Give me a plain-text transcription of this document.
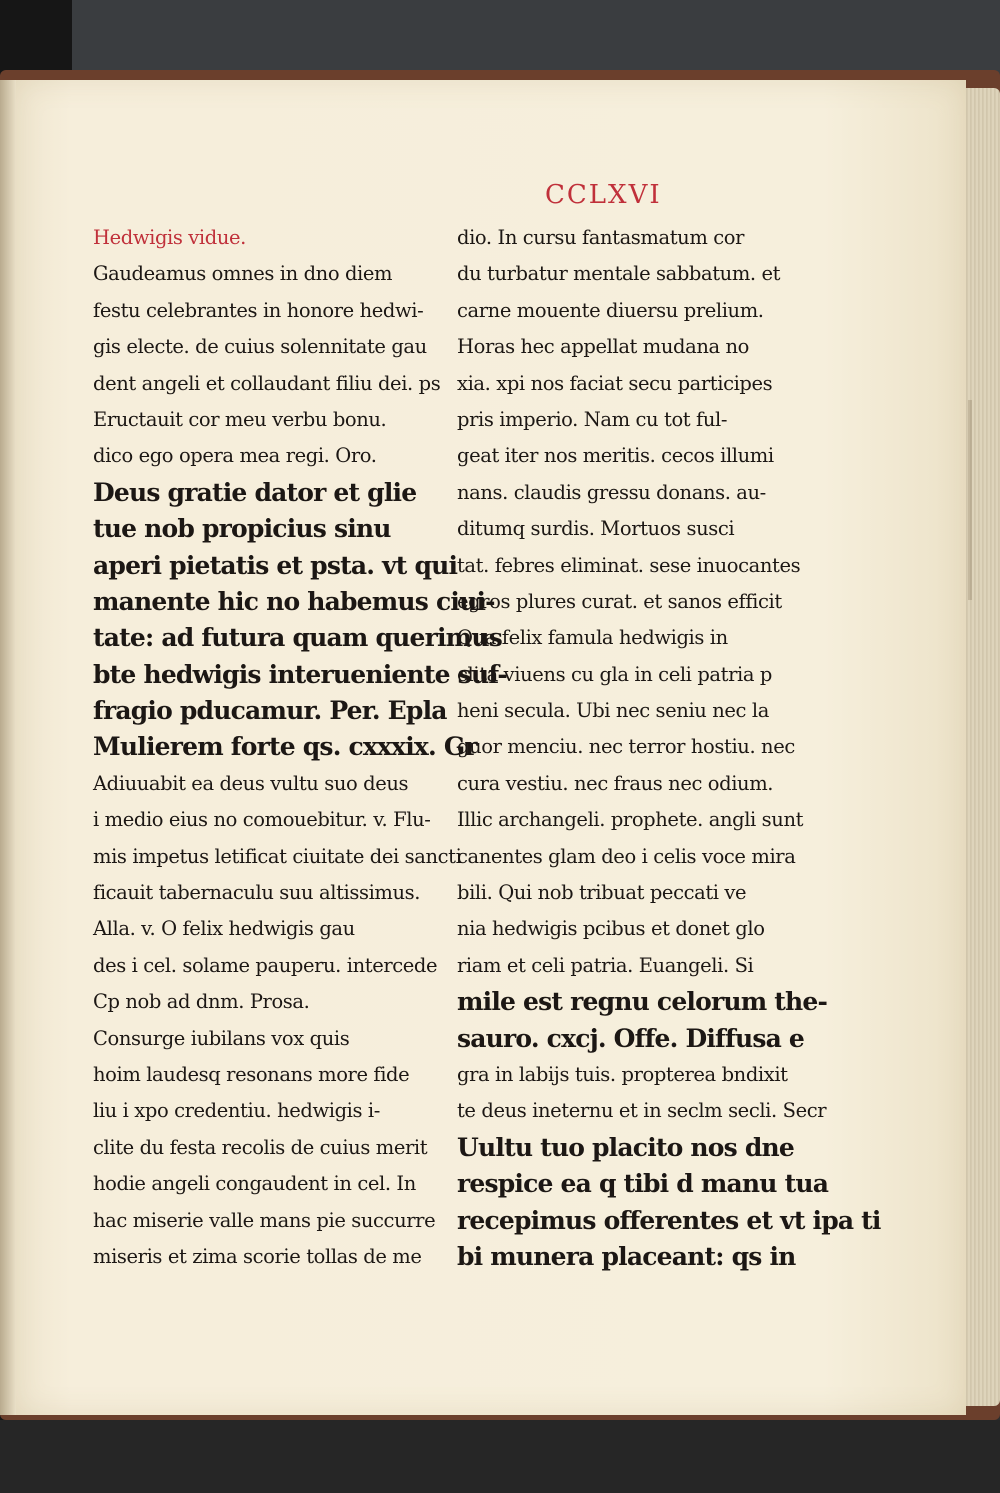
CCLXVI
Hedwigis vidue.
Gaudeamus omnes in dno diem
festu celebrantes in honore hedwi-
gis electe. de cuius solennitate gau
dent angeli et collaudant filiu dei. ps
Eructauit cor meu verbu bonu.
dico ego opera mea regi. Oro.
Deus gratie dator et glie
tue nob propicius sinu
aperi pietatis et psta. vt qui
manente hic no habemus ciui-
tate: ad futura quam querimus
bte hedwigis interueniente suf-
fragio pducamur. Per. Epla
Mulierem forte qs. cxxxix. Gr
Adiuuabit ea deus vultu suo deus
i medio eius no comouebitur. v. Flu-
mis impetus letificat ciuitate dei sancti
ficauit tabernaculu suu altissimus.
Alla. v. O felix hedwigis gau
des i cel. solame pauperu. intercede
Cp nob ad dnm. Prosa.
Consurge iubilans vox quis
hoim laudesq resonans more fide
liu i xpo credentiu. hedwigis i-
clite du festa recolis de cuius merit
hodie angeli congaudent in cel. In
hac miserie valle mans pie succurre
miseris et zima scorie tollas de me
dio. In cursu fantasmatum cor
du turbatur mentale sabbatum. et
carne mouente diuersu prelium.
Horas hec appellat mudana no
xia. xpi nos faciat secu participes
pris imperio. Nam cu tot ful-
geat iter nos meritis. cecos illumi
nans. claudis gressu donans. au-
ditumq surdis. Mortuos susci
tat. febres eliminat. sese inuocantes
egros plures curat. et sanos efficit
Qua felix famula hedwigis in
clita viuens cu gla in celi patria p
heni secula. Ubi nec seniu nec la
guor menciu. nec terror hostiu. nec
cura vestiu. nec fraus nec odium.
Illic archangeli. prophete. angli sunt
canentes glam deo i celis voce mira
bili. Qui nob tribuat peccati ve
nia hedwigis pcibus et donet glo
riam et celi patria. Euangeli. Si
mile est regnu celorum the-
sauro. cxcj. Offe. Diffusa e
gra in labijs tuis. propterea bndixit
te deus ineternu et in seclm secli. Secr
Uultu tuo placito nos dne
respice ea q tibi d manu tua
recepimus offerentes et vt ipa ti
bi munera placeant: qs in
